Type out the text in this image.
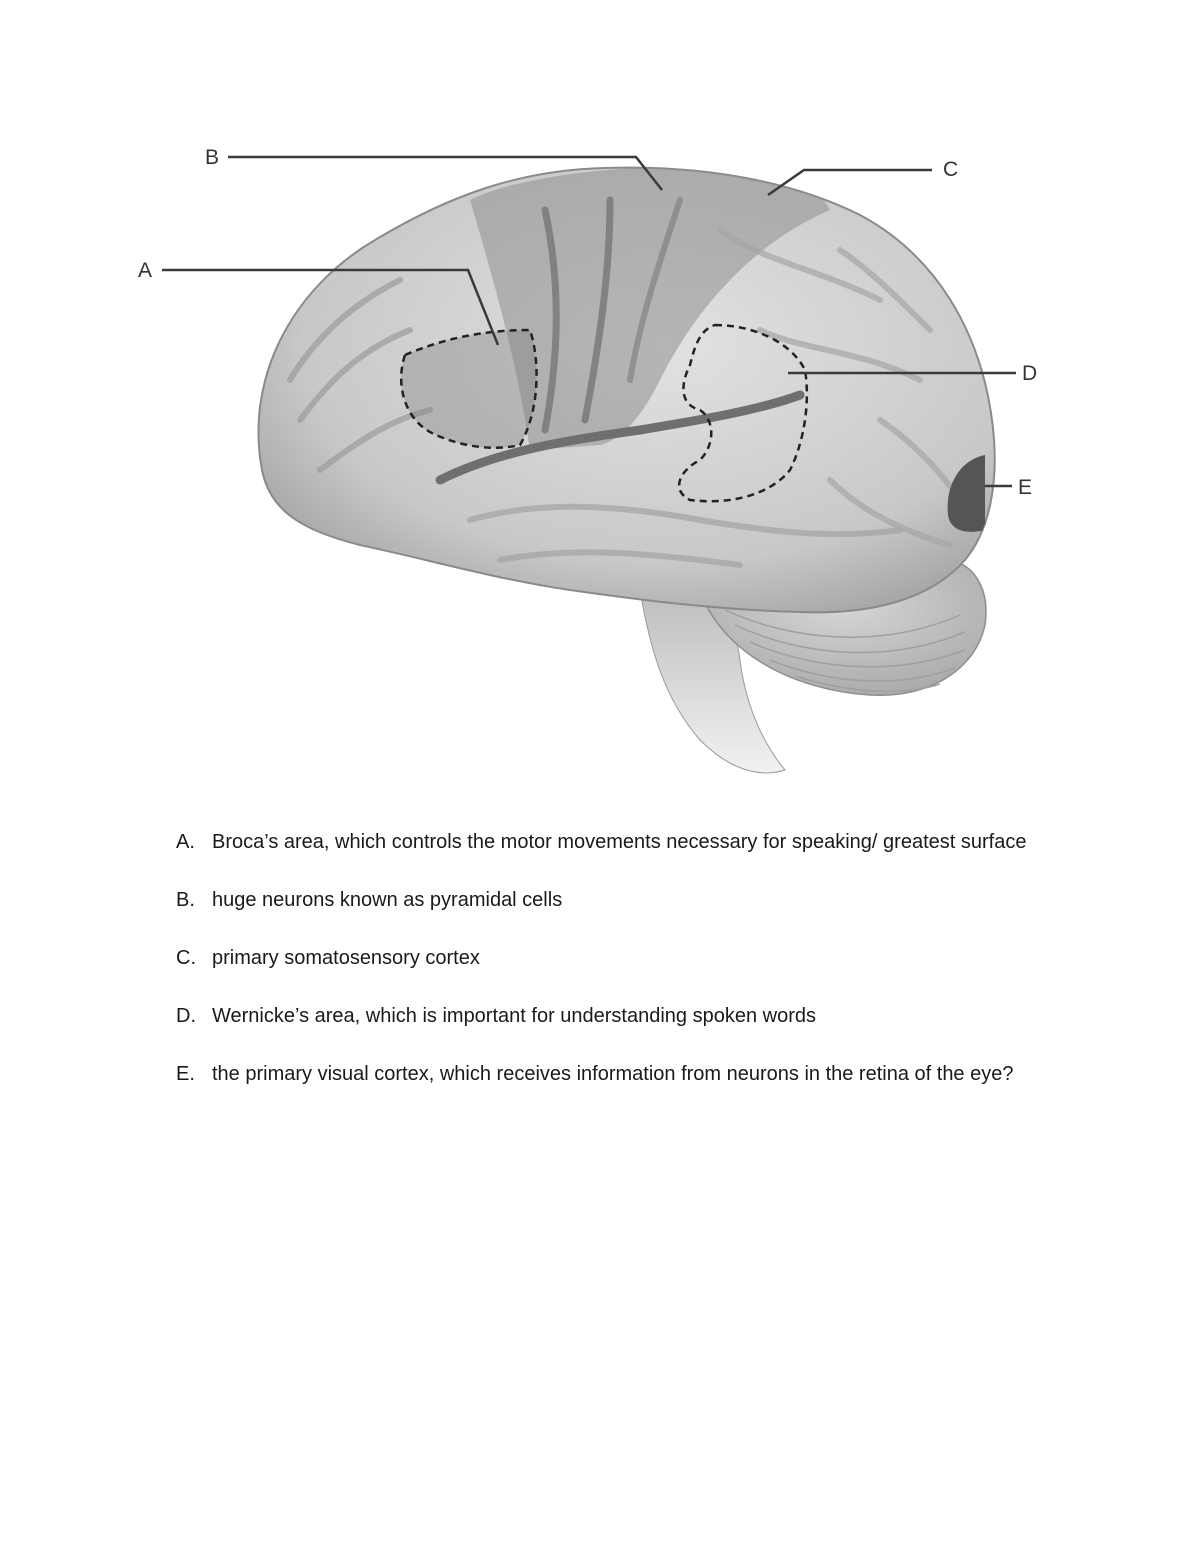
A
B
C
D
E
A. Broca’s area, which controls the motor movements necessary for speaking/ greatest surface
B. huge neurons known as pyramidal cells
C. primary somatosensory cortex
D. Wernicke’s area, which is important for understanding spoken words
E. the primary visual cortex, which receives information from neurons in the retina of the eye?
